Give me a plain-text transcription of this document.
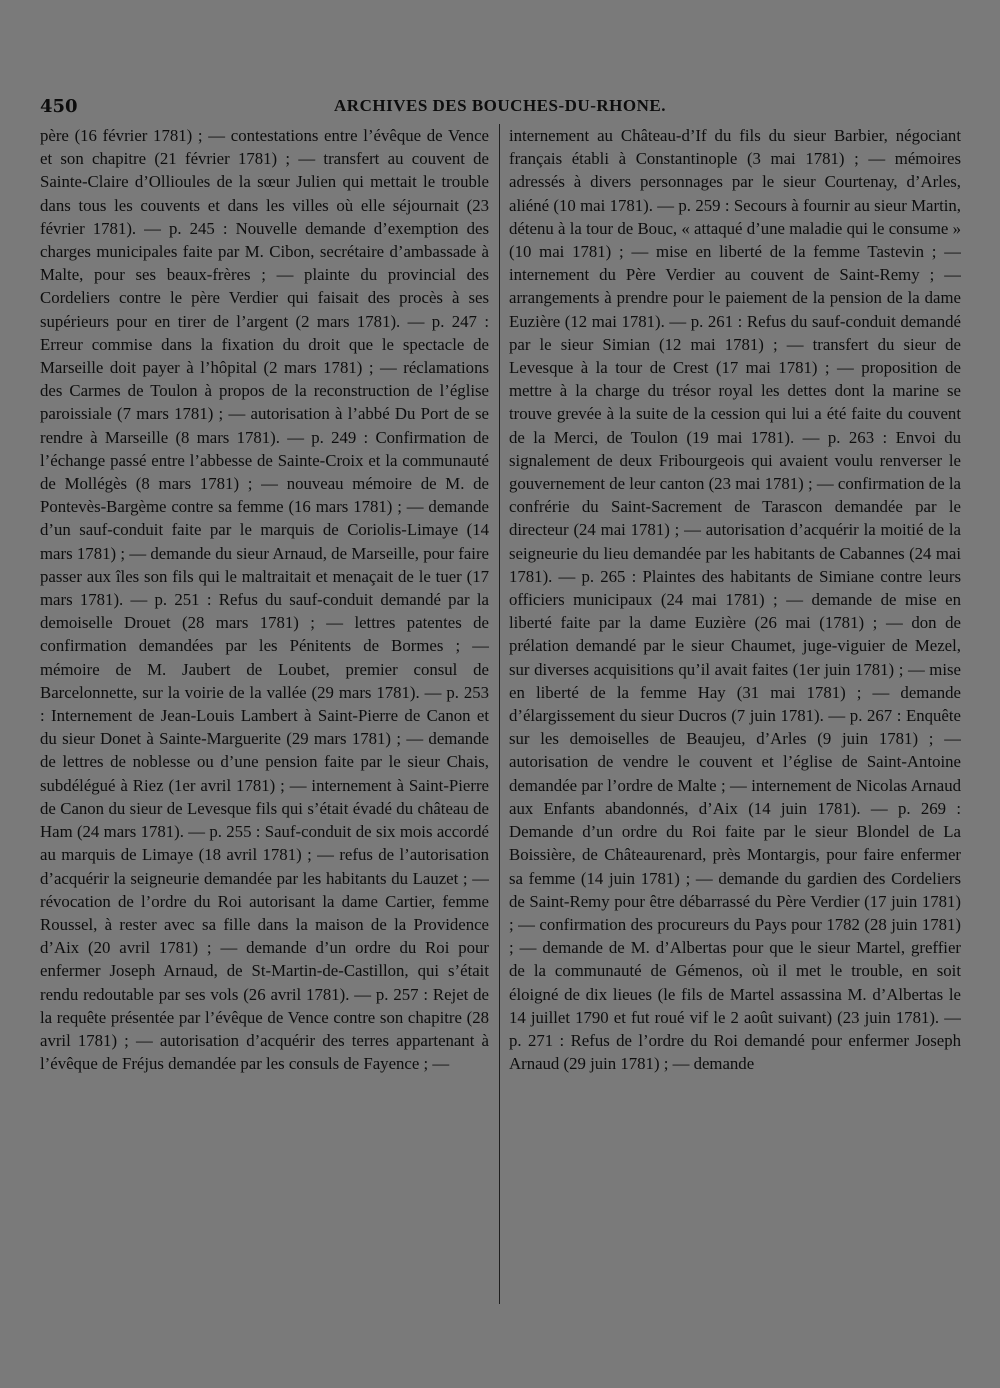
450	ARCHIVES DES BOUCHES-DU-RHONE.
père (16 février 1781) ; — contestations entre l’évêque de Vence et son chapitre (21 février 1781) ; — transfert au couvent de Sainte-Claire d’Ollioules de la sœur Julien qui mettait le trouble dans tous les couvents et dans les villes où elle séjournait (23 février 1781). — p. 245 : Nouvelle demande d’exemption des charges municipales faite par M. Cibon, secrétaire d’ambassade à Malte, pour ses beaux-frères ; — plainte du provincial des Cordeliers contre le père Verdier qui faisait des procès à ses supérieurs pour en tirer de l’argent (2 mars 1781). — p. 247 : Erreur commise dans la fixation du droit que le spectacle de Marseille doit payer à l’hôpital (2 mars 1781) ; — réclamations des Carmes de Toulon à propos de la reconstruction de l’église paroissiale (7 mars 1781) ; — autorisation à l’abbé Du Port de se rendre à Marseille (8 mars 1781). — p. 249 : Confirmation de l’échange passé entre l’abbesse de Sainte-Croix et la communauté de Mollégès (8 mars 1781) ; — nouveau mémoire de M. de Pontevès-Bargème contre sa femme (16 mars 1781) ; — demande d’un sauf-conduit faite par le marquis de Coriolis-Limaye (14 mars 1781) ; — demande du sieur Arnaud, de Marseille, pour faire passer aux îles son fils qui le maltraitait et menaçait de le tuer (17 mars 1781). — p. 251 : Refus du sauf-conduit demandé par la demoiselle Drouet (28 mars 1781) ; — lettres patentes de confirmation demandées par les Pénitents de Bormes ; — mémoire de M. Jaubert de Loubet, premier consul de Barcelonnette, sur la voirie de la vallée (29 mars 1781). — p. 253 : Internement de Jean-Louis Lambert à Saint-Pierre de Canon et du sieur Donet à Sainte-Marguerite (29 mars 1781) ; — demande de lettres de noblesse ou d’une pension faite par le sieur Chais, subdélégué à Riez (1er avril 1781) ; — internement à Saint-Pierre de Canon du sieur de Levesque fils qui s’était évadé du château de Ham (24 mars 1781). — p. 255 : Sauf-conduit de six mois accordé au marquis de Limaye (18 avril 1781) ; — refus de l’autorisation d’acquérir la seigneurie demandée par les habitants du Lauzet ; — révocation de l’ordre du Roi autorisant la dame Cartier, femme Roussel, à rester avec sa fille dans la maison de la Providence d’Aix (20 avril 1781) ; — demande d’un ordre du Roi pour enfermer Joseph Arnaud, de St-Martin-de-Castillon, qui s’était rendu redoutable par ses vols (26 avril 1781). — p. 257 : Rejet de la requête présentée par l’évêque de Vence contre son chapitre (28 avril 1781) ; — autorisation d’acquérir des terres appartenant à l’évêque de Fréjus demandée par les consuls de Fayence ; —
internement au Château-d’If du fils du sieur Barbier, négociant français établi à Constantinople (3 mai 1781) ; — mémoires adressés à divers personnages par le sieur Courtenay, d’Arles, aliéné (10 mai 1781). — p. 259 : Secours à fournir au sieur Martin, détenu à la tour de Bouc, « attaqué d’une maladie qui le consume » (10 mai 1781) ; — mise en liberté de la femme Tastevin ; — internement du Père Verdier au couvent de Saint-Remy ; — arrangements à prendre pour le paiement de la pension de la dame Euzière (12 mai 1781). — p. 261 : Refus du sauf-conduit demandé par le sieur Simian (12 mai 1781) ; — transfert du sieur de Levesque à la tour de Crest (17 mai 1781) ; — proposition de mettre à la charge du trésor royal les dettes dont la marine se trouve grevée à la suite de la cession qui lui a été faite du couvent de la Merci, de Toulon (19 mai 1781). — p. 263 : Envoi du signalement de deux Fribourgeois qui avaient voulu renverser le gouvernement de leur canton (23 mai 1781) ; — confirmation de la confrérie du Saint-Sacrement de Tarascon demandée par le directeur (24 mai 1781) ; — autorisation d’acquérir la moitié de la seigneurie du lieu demandée par les habitants de Cabannes (24 mai 1781). — p. 265 : Plaintes des habitants de Simiane contre leurs officiers municipaux (24 mai 1781) ; — demande de mise en liberté faite par la dame Euzière (26 mai (1781) ; — don de prélation demandé par le sieur Chaumet, juge-viguier de Mezel, sur diverses acquisitions qu’il avait faites (1er juin 1781) ; — mise en liberté de la femme Hay (31 mai 1781) ; — demande d’élargissement du sieur Ducros (7 juin 1781). — p. 267 : Enquête sur les demoiselles de Beaujeu, d’Arles (9 juin 1781) ; — autorisation de vendre le couvent et l’église de Saint-Antoine demandée par l’ordre de Malte ; — internement de Nicolas Arnaud aux Enfants abandonnés, d’Aix (14 juin 1781). — p. 269 : Demande d’un ordre du Roi faite par le sieur Blondel de La Boissière, de Châteaurenard, près Montargis, pour faire enfermer sa femme (14 juin 1781) ; — demande du gardien des Cordeliers de Saint-Remy pour être débarrassé du Père Verdier (17 juin 1781) ; — confirmation des procureurs du Pays pour 1782 (28 juin 1781) ; — demande de M. d’Albertas pour que le sieur Martel, greffier de la communauté de Gémenos, où il met le trouble, en soit éloigné de dix lieues (le fils de Martel assassina M. d’Albertas le 14 juillet 1790 et fut roué vif le 2 août suivant) (23 juin 1781). — p. 271 : Refus de l’ordre du Roi demandé pour enfermer Joseph Arnaud (29 juin 1781) ; — demande
